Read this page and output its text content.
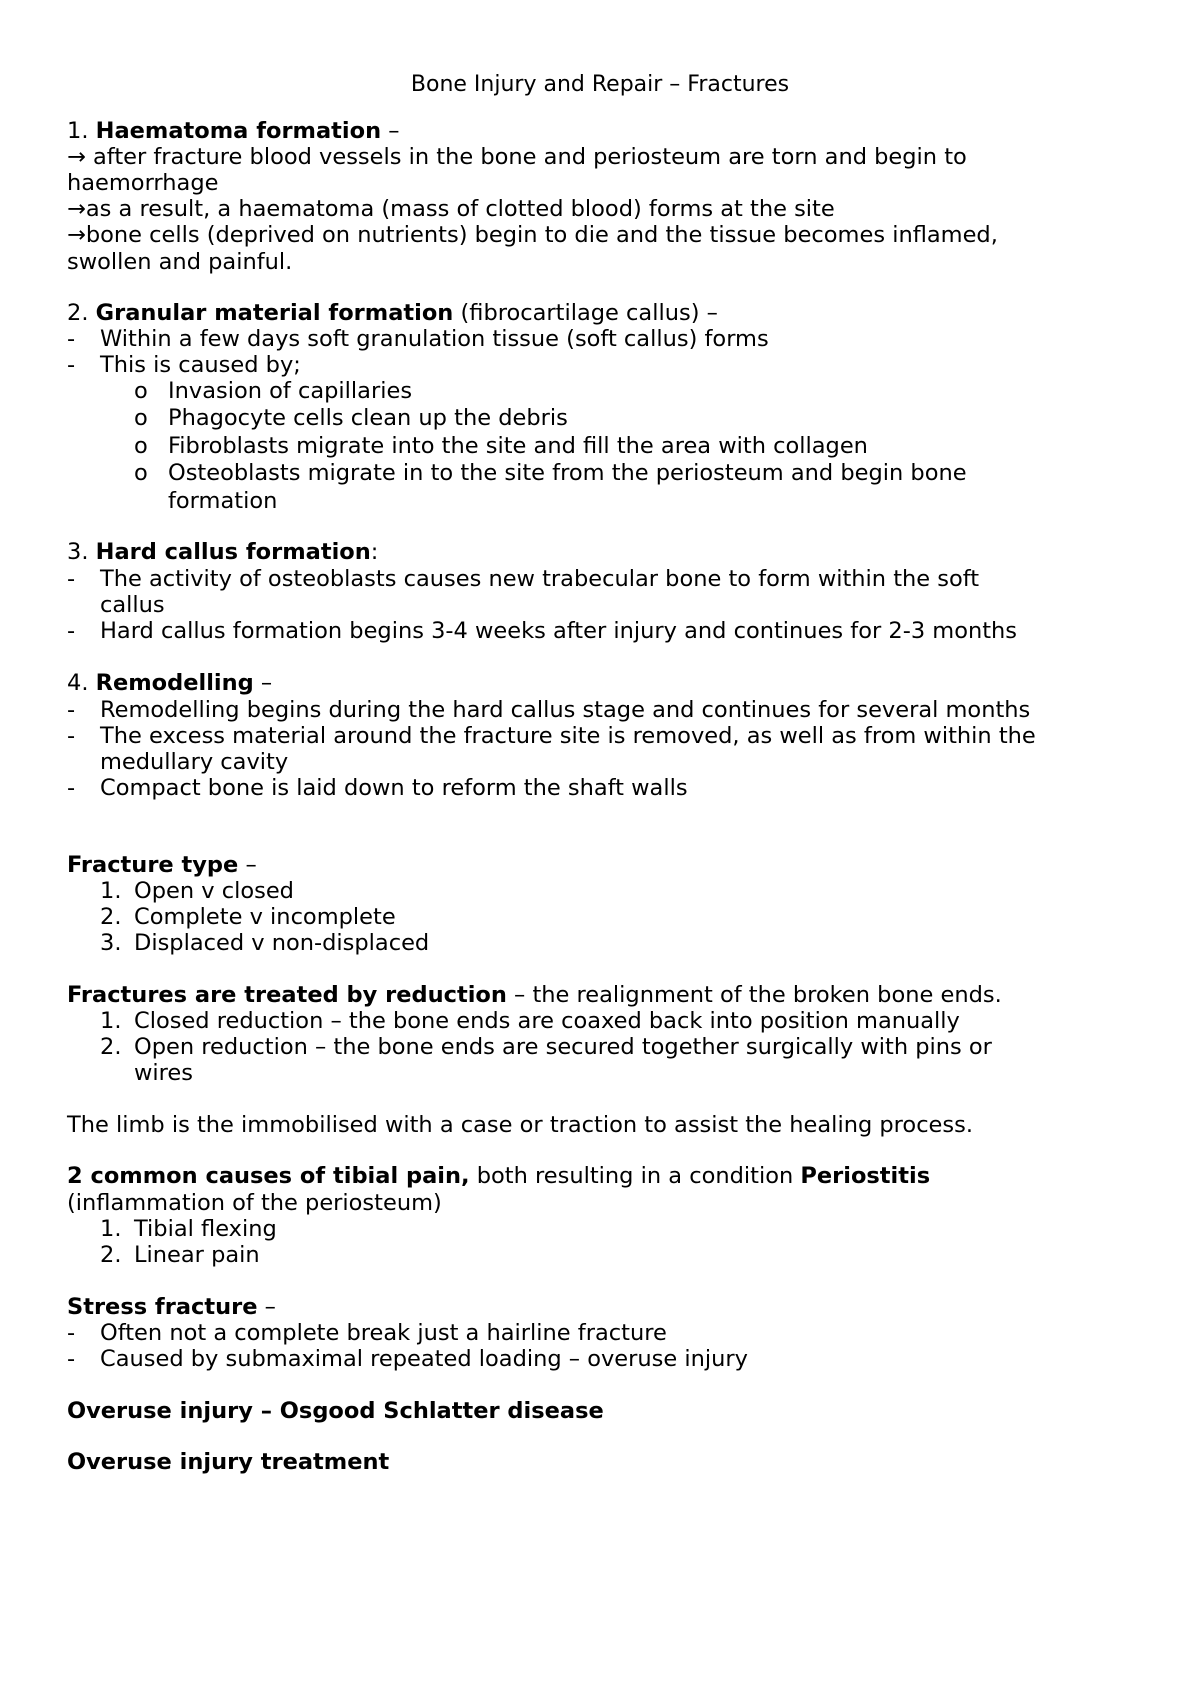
Bone Injury and Repair – Fractures
1. Haematoma formation –
→ after fracture blood vessels in the bone and periosteum are torn and begin to
haemorrhage
→as a result, a haematoma (mass of clotted blood) forms at the site
→bone cells (deprived on nutrients) begin to die and the tissue becomes inflamed,
swollen and painful.
2. Granular material formation (fibrocartilage callus) –
- Within a few days soft granulation tissue (soft callus) forms
- This is caused by;
o Invasion of capillaries
o Phagocyte cells clean up the debris
o Fibroblasts migrate into the site and fill the area with collagen
o Osteoblasts migrate in to the site from the periosteum and begin bone
formation
3. Hard callus formation:
- The activity of osteoblasts causes new trabecular bone to form within the soft
callus
- Hard callus formation begins 3-4 weeks after injury and continues for 2-3 months
4. Remodelling –
- Remodelling begins during the hard callus stage and continues for several months
- The excess material around the fracture site is removed, as well as from within the
medullary cavity
- Compact bone is laid down to reform the shaft walls
Fracture type –
1. Open v closed
2. Complete v incomplete
3. Displaced v non-displaced
Fractures are treated by reduction – the realignment of the broken bone ends.
1. Closed reduction – the bone ends are coaxed back into position manually
2. Open reduction – the bone ends are secured together surgically with pins or
wires
The limb is the immobilised with a case or traction to assist the healing process.
2 common causes of tibial pain, both resulting in a condition Periostitis
(inflammation of the periosteum)
1. Tibial flexing
2. Linear pain
Stress fracture –
- Often not a complete break just a hairline fracture
- Caused by submaximal repeated loading – overuse injury
Overuse injury – Osgood Schlatter disease
Overuse injury treatment
